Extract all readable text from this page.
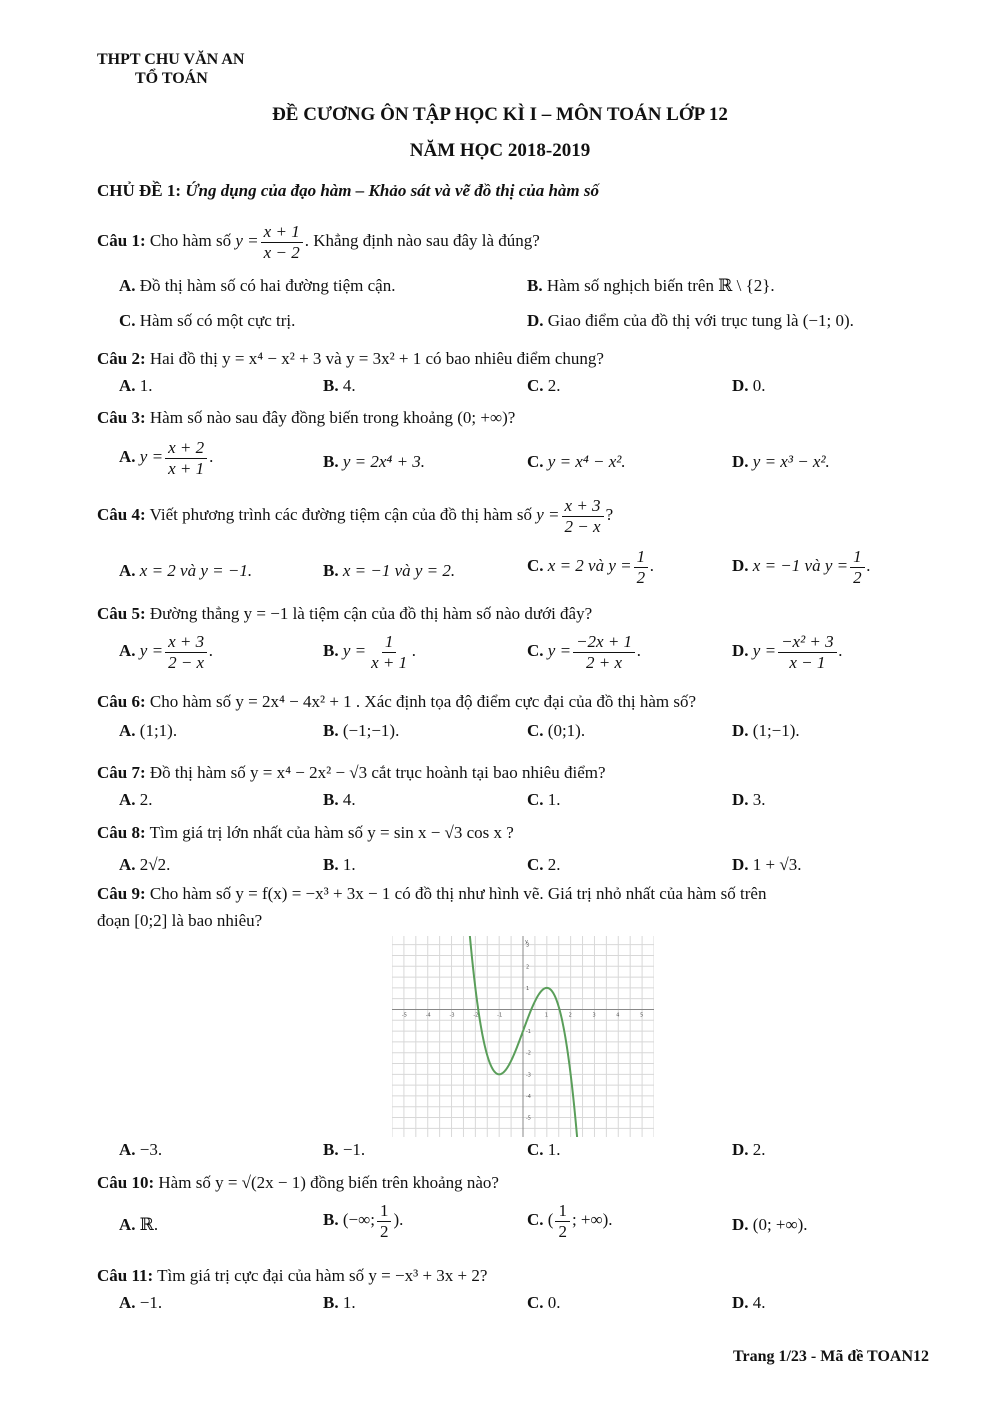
THPT CHU VĂN AN
TỔ TOÁN
ĐỀ CƯƠNG ÔN TẬP HỌC KÌ I – MÔN TOÁN LỚP 12
NĂM HỌC 2018-2019
CHỦ ĐỀ 1: Ứng dụng của đạo hàm – Khảo sát và vẽ đồ thị của hàm số
Câu 1: Cho hàm số $y = \frac{x + 1}{x - 2}$ . Khẳng định nào sau đây là đúng?
A. Đồ thị hàm số có hai đường tiệm cận.	B. Hàm số nghịch biến trên ℝ \ {2}.
C. Hàm số có một cực trị.	D. Giao điểm của đồ thị với trục tung là (−1; 0).
Câu 2: Hai đồ thị y = x⁴ − x² + 3 và y = 3x² + 1 có bao nhiêu điểm chung?
A. 1.	B. 4.	C. 2.	D. 0.
Câu 3: Hàm số nào sau đây đồng biến trong khoảng (0; +∞)?
A. $y = \frac{x + 2}{x + 1}$ .	B. y = 2x⁴ + 3.	C. y = x⁴ − x².	D. y = x³ − x².
Câu 4: Viết phương trình các đường tiệm cận của đồ thị hàm số $y = \frac{x + 3}{2 - x}$ ?
A. x = 2 và y = −1.	B. x = −1 và y = 2.	C. x = 2 và $y = \frac{1}{2}$ .	D. x = −1 và $y = \frac{1}{2}$ .
Câu 5: Đường thẳng y = −1 là tiệm cận của đồ thị hàm số nào dưới đây?
A. $y = \frac{x + 3}{2 - x}$ .	B. $y = \frac{1}{x + 1}$ .	C. $y = \frac{-2x + 1}{2 + x}$ .	D. $y = \frac{\text{−x² + 3}}{x - 1}$ .
Câu 6: Cho hàm số y = 2x⁴ − 4x² + 1 . Xác định tọa độ điểm cực đại của đồ thị hàm số?
A. (1;1).	B. (−1;−1).	C. (0;1).	D. (1;−1).
Câu 7: Đồ thị hàm số y = x⁴ − 2x² − √3 cắt trục hoành tại bao nhiêu điểm?
A. 2.	B. 4.	C. 1.	D. 3.
Câu 8: Tìm giá trị lớn nhất của hàm số y = sin x − √3 cos x ?
A. 2√2.	B. 1.	C. 2.	D. 1 + √3.
Câu 9: Cho hàm số y = f(x) = −x³ + 3x − 1 có đồ thị như hình vẽ. Giá trị nhỏ nhất của hàm số trên
đoạn [0;2] là bao nhiêu?
-5	-4	-3	-2	-1	1	2	3	4	5
3
2
1
-1
-2
-3
-4
-5
y
A. −3.	B. −1.	C. 1.	D. 2.
Câu 10: Hàm số y = √(2x − 1) đồng biến trên khoảng nào?
A. ℝ.	B. (−∞; $\frac{1}{2}$ ).	C. ( $\frac{1}{2}$ ; +∞).	D. (0; +∞).
Câu 11: Tìm giá trị cực đại của hàm số y = −x³ + 3x + 2?
A. −1.	B. 1.	C. 0.	D. 4.
Trang 1/23 - Mã đề TOAN12
